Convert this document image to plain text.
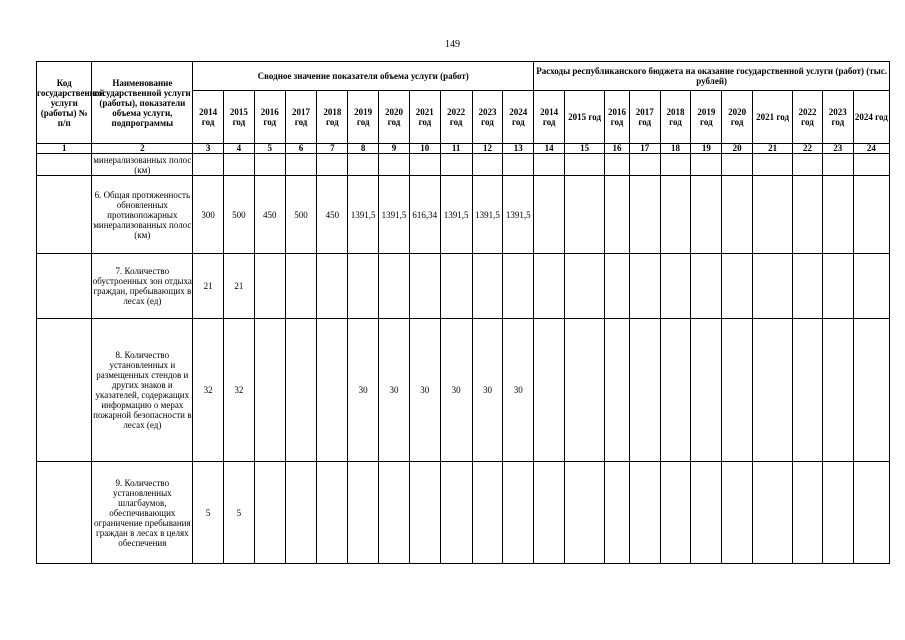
149
Код государственной услуги (работы) № п/п	Наименование государственной услуги (работы), показатели объема услуги, подпрограммы	Сводное значение показателя объема услуги (работ)											Расходы республиканского бюджета на оказание государственной услуги (работ) (тыс. рублей)										
		2014 год	2015 год	2016 год	2017 год	2018 год	2019 год	2020 год	2021 год	2022 год	2023 год	2024 год	2014 год	2015 год	2016 год	2017 год	2018 год	2019 год	2020 год	2021 год	2022 год	2023 год	2024 год
1	2	3	4	5	6	7	8	9	10	11	12	13	14	15	16	17	18	19	20	21	22	23	24
	минерализованных полос (км)																						
	6. Общая протяженность обновленных противопожарных минерализованных полос (км)	300	500	450	500	450	1391,5	1391,5	616,34	1391,5	1391,5	1391,5											
	7. Количество обустроенных зон отдыха граждан, пребывающих в лесах (ед)	21	21																				
	8. Количество установленных и размещенных стендов и других знаков и указателей, содержащих информацию о мерах пожарной безопасности в лесах (ед)	32	32				30	30	30	30	30	30											
	9. Количество установленных шлагбаумов, обеспечивающих ограничение пребывания граждан в лесах в целях обеспечения	5	5																				
